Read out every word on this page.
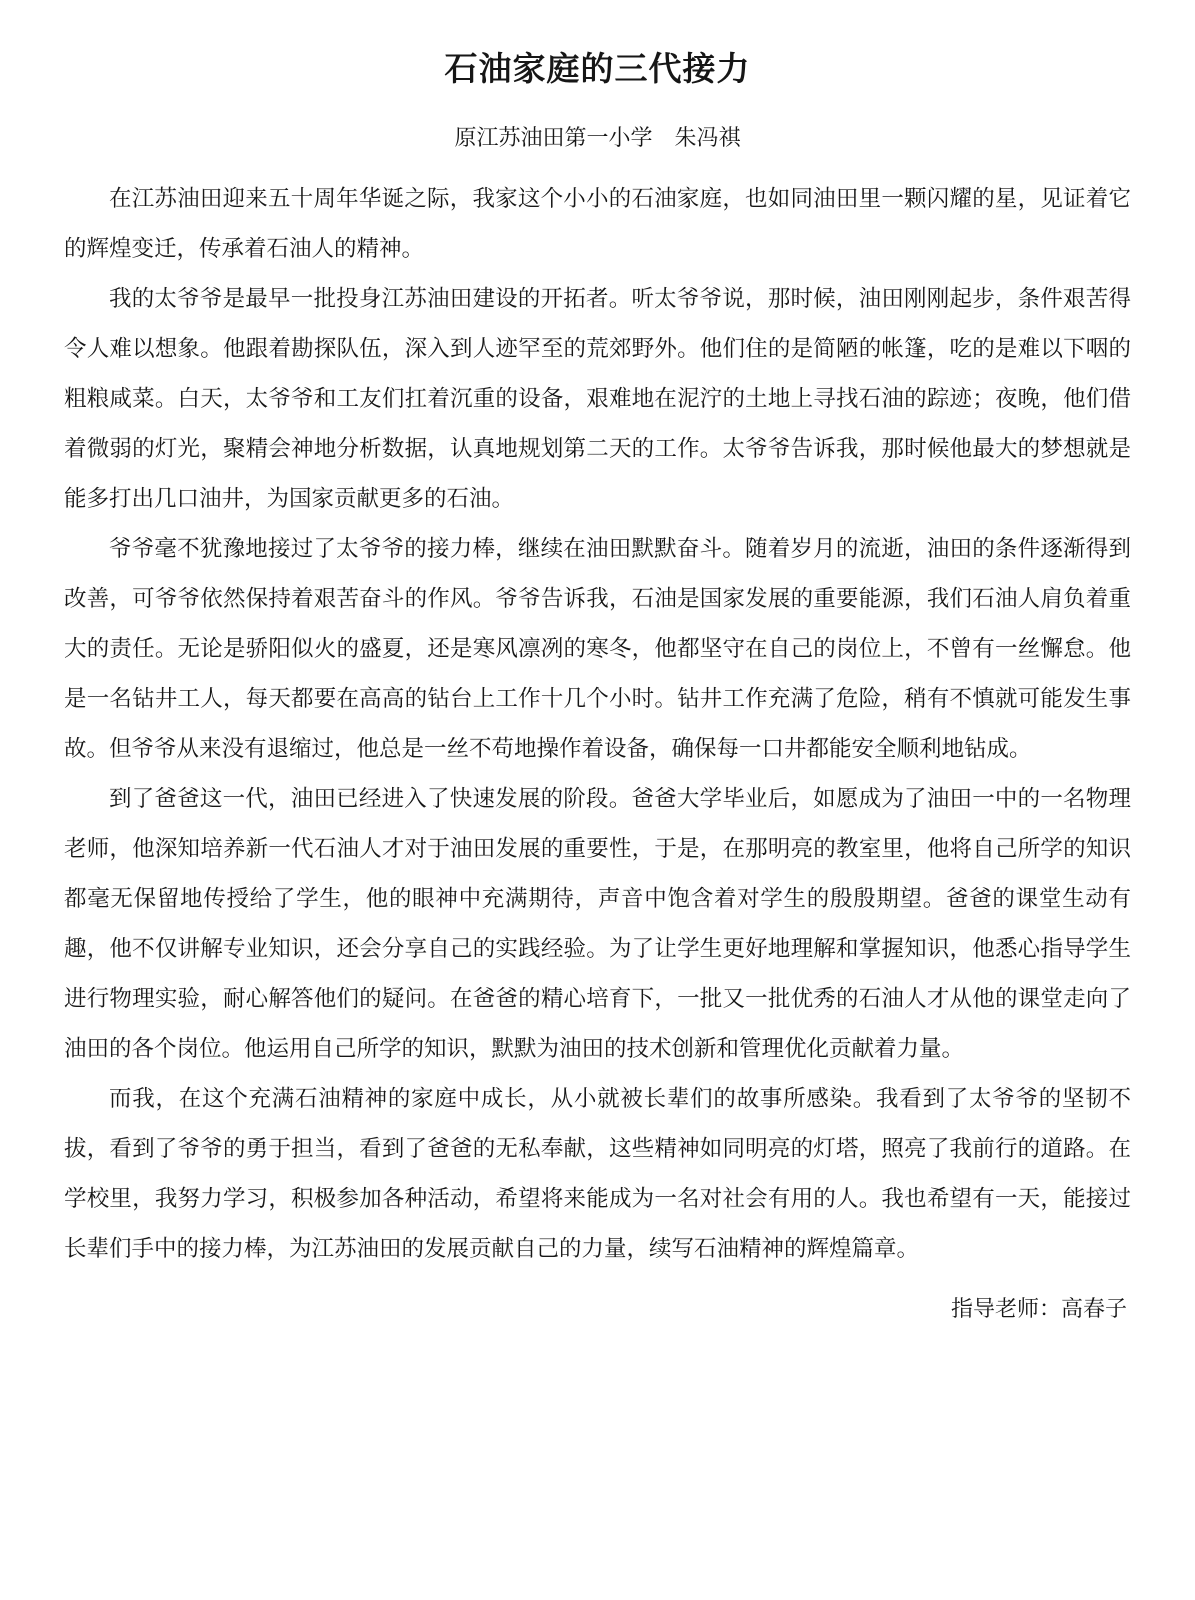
石油家庭的三代接力
原江苏油田第一小学　朱冯祺

在江苏油田迎来五十周年华诞之际，我家这个小小的石油家庭，也如同油田里一颗闪耀的星，见证着它的辉煌变迁，传承着石油人的精神。

我的太爷爷是最早一批投身江苏油田建设的开拓者。听太爷爷说，那时候，油田刚刚起步，条件艰苦得令人难以想象。他跟着勘探队伍，深入到人迹罕至的荒郊野外。他们住的是简陋的帐篷，吃的是难以下咽的粗粮咸菜。白天，太爷爷和工友们扛着沉重的设备，艰难地在泥泞的土地上寻找石油的踪迹；夜晚，他们借着微弱的灯光，聚精会神地分析数据，认真地规划第二天的工作。太爷爷告诉我，那时候他最大的梦想就是能多打出几口油井，为国家贡献更多的石油。

爷爷毫不犹豫地接过了太爷爷的接力棒，继续在油田默默奋斗。随着岁月的流逝，油田的条件逐渐得到改善，可爷爷依然保持着艰苦奋斗的作风。爷爷告诉我，石油是国家发展的重要能源，我们石油人肩负着重大的责任。无论是骄阳似火的盛夏，还是寒风凛冽的寒冬，他都坚守在自己的岗位上，不曾有一丝懈怠。他是一名钻井工人，每天都要在高高的钻台上工作十几个小时。钻井工作充满了危险，稍有不慎就可能发生事故。但爷爷从来没有退缩过，他总是一丝不苟地操作着设备，确保每一口井都能安全顺利地钻成。

到了爸爸这一代，油田已经进入了快速发展的阶段。爸爸大学毕业后，如愿成为了油田一中的一名物理老师，他深知培养新一代石油人才对于油田发展的重要性，于是，在那明亮的教室里，他将自己所学的知识都毫无保留地传授给了学生，他的眼神中充满期待，声音中饱含着对学生的殷殷期望。爸爸的课堂生动有趣，他不仅讲解专业知识，还会分享自己的实践经验。为了让学生更好地理解和掌握知识，他悉心指导学生进行物理实验，耐心解答他们的疑问。在爸爸的精心培育下，一批又一批优秀的石油人才从他的课堂走向了油田的各个岗位。他运用自己所学的知识，默默为油田的技术创新和管理优化贡献着力量。

而我，在这个充满石油精神的家庭中成长，从小就被长辈们的故事所感染。我看到了太爷爷的坚韧不拔，看到了爷爷的勇于担当，看到了爸爸的无私奉献，这些精神如同明亮的灯塔，照亮了我前行的道路。在学校里，我努力学习，积极参加各种活动，希望将来能成为一名对社会有用的人。我也希望有一天，能接过长辈们手中的接力棒，为江苏油田的发展贡献自己的力量，续写石油精神的辉煌篇章。

指导老师：高春子
